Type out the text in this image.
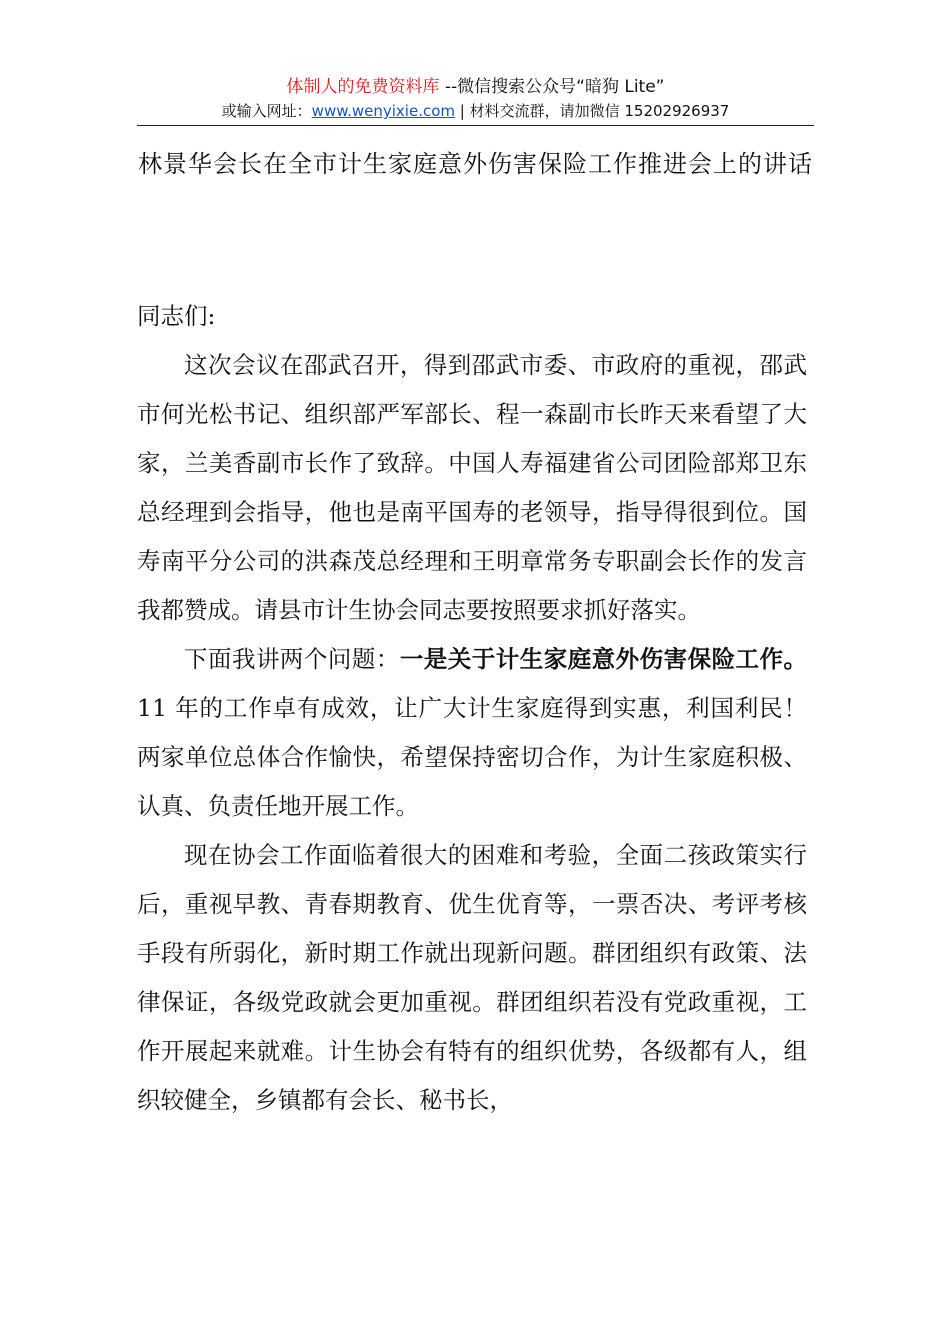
体制人的免费资料库 --微信搜索公众号“暗狗 Lite”
或输入网址：www.wenyixie.com | 材料交流群，请加微信 15202926937
林景华会长在全市计生家庭意外伤害保险工作推进会上的讲话

同志们:

这次会议在邵武召开，得到邵武市委、市政府的重视，邵武市何光松书记、组织部严军部长、程一森副市长昨天来看望了大家，兰美香副市长作了致辞。中国人寿福建省公司团险部郑卫东总经理到会指导，他也是南平国寿的老领导，指导得很到位。国寿南平分公司的洪森茂总经理和王明章常务专职副会长作的发言我都赞成。请县市计生协会同志要按照要求抓好落实。

下面我讲两个问题：一是关于计生家庭意外伤害保险工作。11 年的工作卓有成效，让广大计生家庭得到实惠，利国利民！两家单位总体合作愉快，希望保持密切合作，为计生家庭积极、认真、负责任地开展工作。

现在协会工作面临着很大的困难和考验，全面二孩政策实行后，重视早教、青春期教育、优生优育等，一票否决、考评考核手段有所弱化，新时期工作就出现新问题。群团组织有政策、法律保证，各级党政就会更加重视。群团组织若没有党政重视，工作开展起来就难。计生协会有特有的组织优势，各级都有人，组织较健全，乡镇都有会长、秘书长，
